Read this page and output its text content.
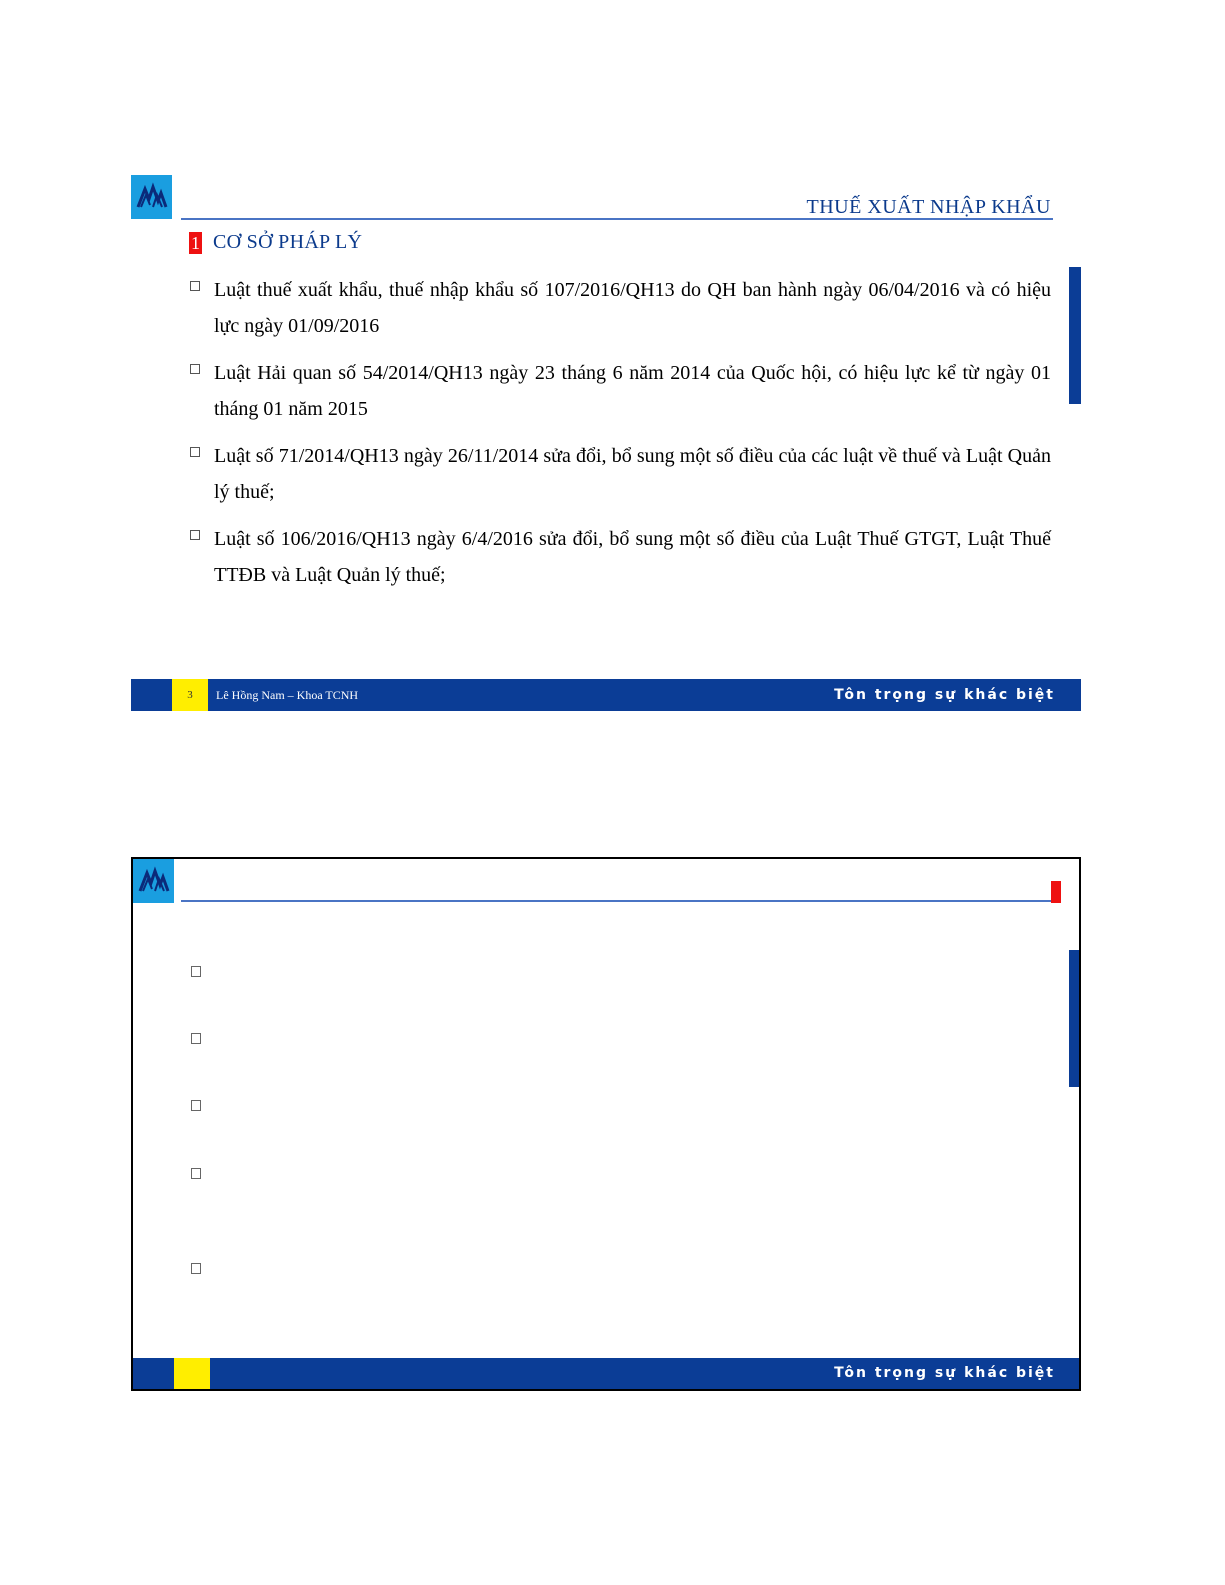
THUẾ XUẤT NHẬP KHẨU
1 CƠ SỞ PHÁP LÝ
Luật thuế xuất khẩu, thuế nhập khẩu số 107/2016/QH13 do QH ban hành ngày 06/04/2016 và có hiệu lực ngày 01/09/2016
Luật Hải quan số 54/2014/QH13 ngày 23 tháng 6 năm 2014 của Quốc hội, có hiệu lực kể từ ngày 01 tháng 01 năm 2015
Luật số 71/2014/QH13 ngày 26/11/2014 sửa đổi, bổ sung một số điều của các luật về thuế và Luật Quản lý thuế;
Luật số 106/2016/QH13 ngày 6/4/2016 sửa đổi, bổ sung một số điều của Luật Thuế GTGT, Luật Thuế TTĐB và Luật Quản lý thuế;
3	Lê Hồng Nam – Khoa TCNH	Tôn trọng sự khác biệt
Tôn trọng sự khác biệt
